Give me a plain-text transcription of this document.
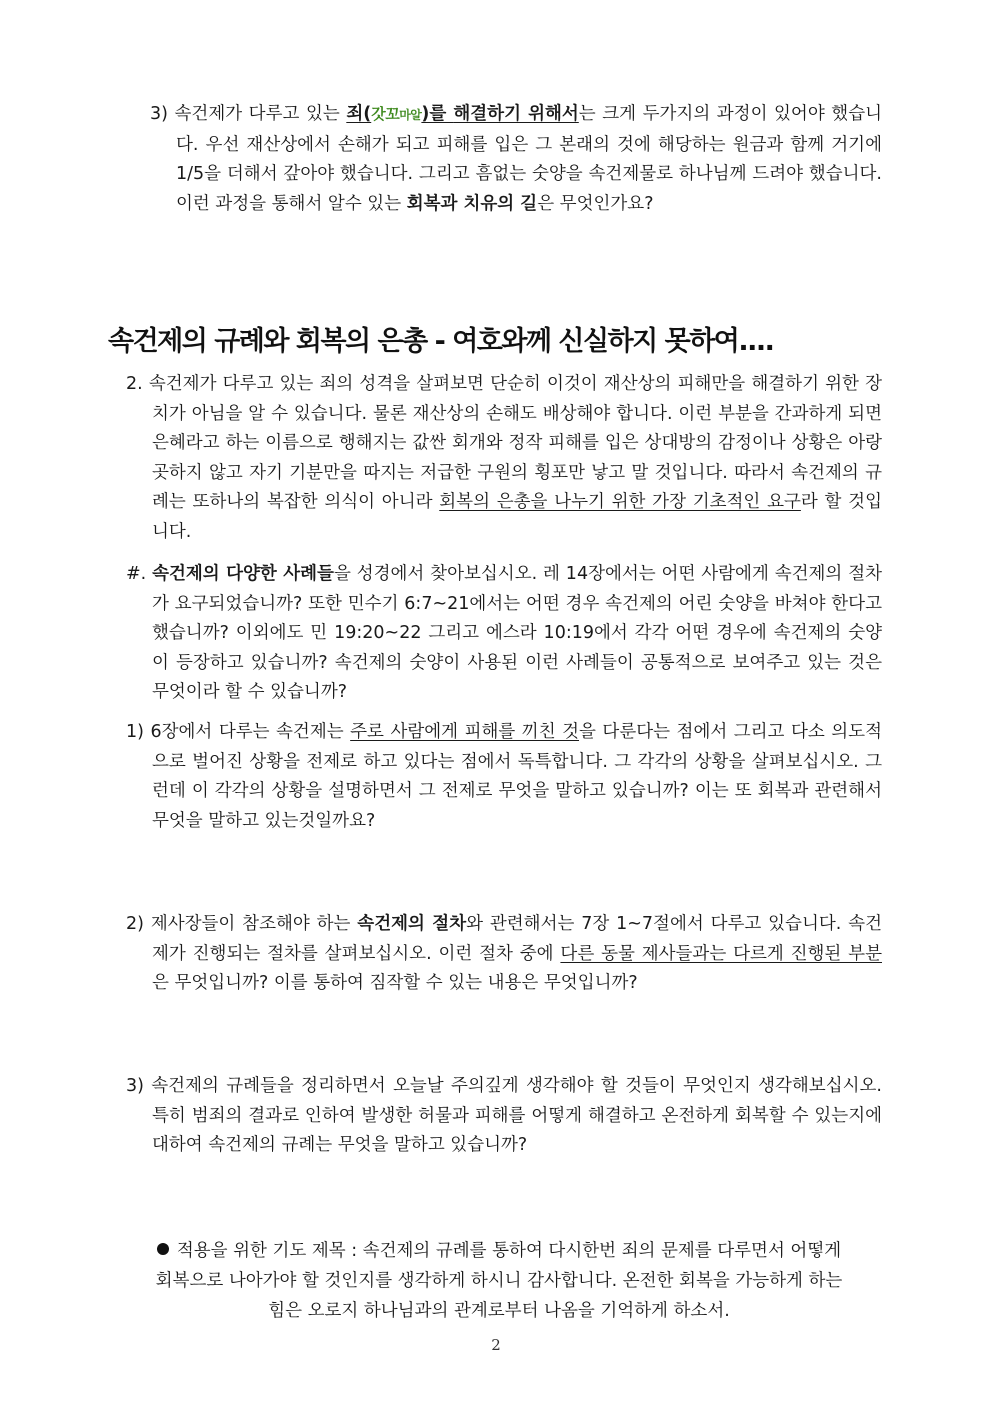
3) 속건제가 다루고 있는 죄(갓꼬마알)를 해결하기 위해서는 크게 두가지의 과정이 있어야 했습니다. 우선 재산상에서 손해가 되고 피해를 입은 그 본래의 것에 해당하는 원금과 함께 거기에 1/5을 더해서 갚아야 했습니다. 그리고 흠없는 숫양을 속건제물로 하나님께 드려야 했습니다. 이런 과정을 통해서 알수 있는 회복과 치유의 길은 무엇인가요?
속건제의 규례와 회복의 은총 - 여호와께 신실하지 못하여....
2. 속건제가 다루고 있는 죄의 성격을 살펴보면 단순히 이것이 재산상의 피해만을 해결하기 위한 장치가 아님을 알 수 있습니다. 물론 재산상의 손해도 배상해야 합니다. 이런 부분을 간과하게 되면 은혜라고 하는 이름으로 행해지는 값싼 회개와 정작 피해를 입은 상대방의 감정이나 상황은 아랑곳하지 않고 자기 기분만을 따지는 저급한 구원의 횡포만 낳고 말 것입니다. 따라서 속건제의 규례는 또하나의 복잡한 의식이 아니라 회복의 은총을 나누기 위한 가장 기초적인 요구라 할 것입니다.
#. 속건제의 다양한 사례들을 성경에서 찾아보십시오. 레 14장에서는 어떤 사람에게 속건제의 절차가 요구되었습니까? 또한 민수기 6:7~21에서는 어떤 경우 속건제의 어린 숫양을 바쳐야 한다고 했습니까? 이외에도 민 19:20~22 그리고 에스라 10:19에서 각각 어떤 경우에 속건제의 숫양이 등장하고 있습니까? 속건제의 숫양이 사용된 이런 사례들이 공통적으로 보여주고 있는 것은 무엇이라 할 수 있습니까?
1) 6장에서 다루는 속건제는 주로 사람에게 피해를 끼친 것을 다룬다는 점에서 그리고 다소 의도적으로 벌어진 상황을 전제로 하고 있다는 점에서 독특합니다. 그 각각의 상황을 살펴보십시오. 그런데 이 각각의 상황을 설명하면서 그 전제로 무엇을 말하고 있습니까? 이는 또 회복과 관련해서 무엇을 말하고 있는것일까요?
2) 제사장들이 참조해야 하는 속건제의 절차와 관련해서는 7장 1~7절에서 다루고 있습니다. 속건제가 진행되는 절차를 살펴보십시오. 이런 절차 중에 다른 동물 제사들과는 다르게 진행된 부분은 무엇입니까? 이를 통하여 짐작할 수 있는 내용은 무엇입니까?
3) 속건제의 규례들을 정리하면서 오늘날 주의깊게 생각해야 할 것들이 무엇인지 생각해보십시오. 특히 범죄의 결과로 인하여 발생한 허물과 피해를 어떻게 해결하고 온전하게 회복할 수 있는지에 대하여 속건제의 규례는 무엇을 말하고 있습니까?
적용을 위한 기도 제목 : 속건제의 규례를 통하여 다시한번 죄의 문제를 다루면서 어떻게
회복으로 나아가야 할 것인지를 생각하게 하시니 감사합니다. 온전한 회복을 가능하게 하는
힘은 오로지 하나님과의 관계로부터 나옴을 기억하게 하소서.
2
